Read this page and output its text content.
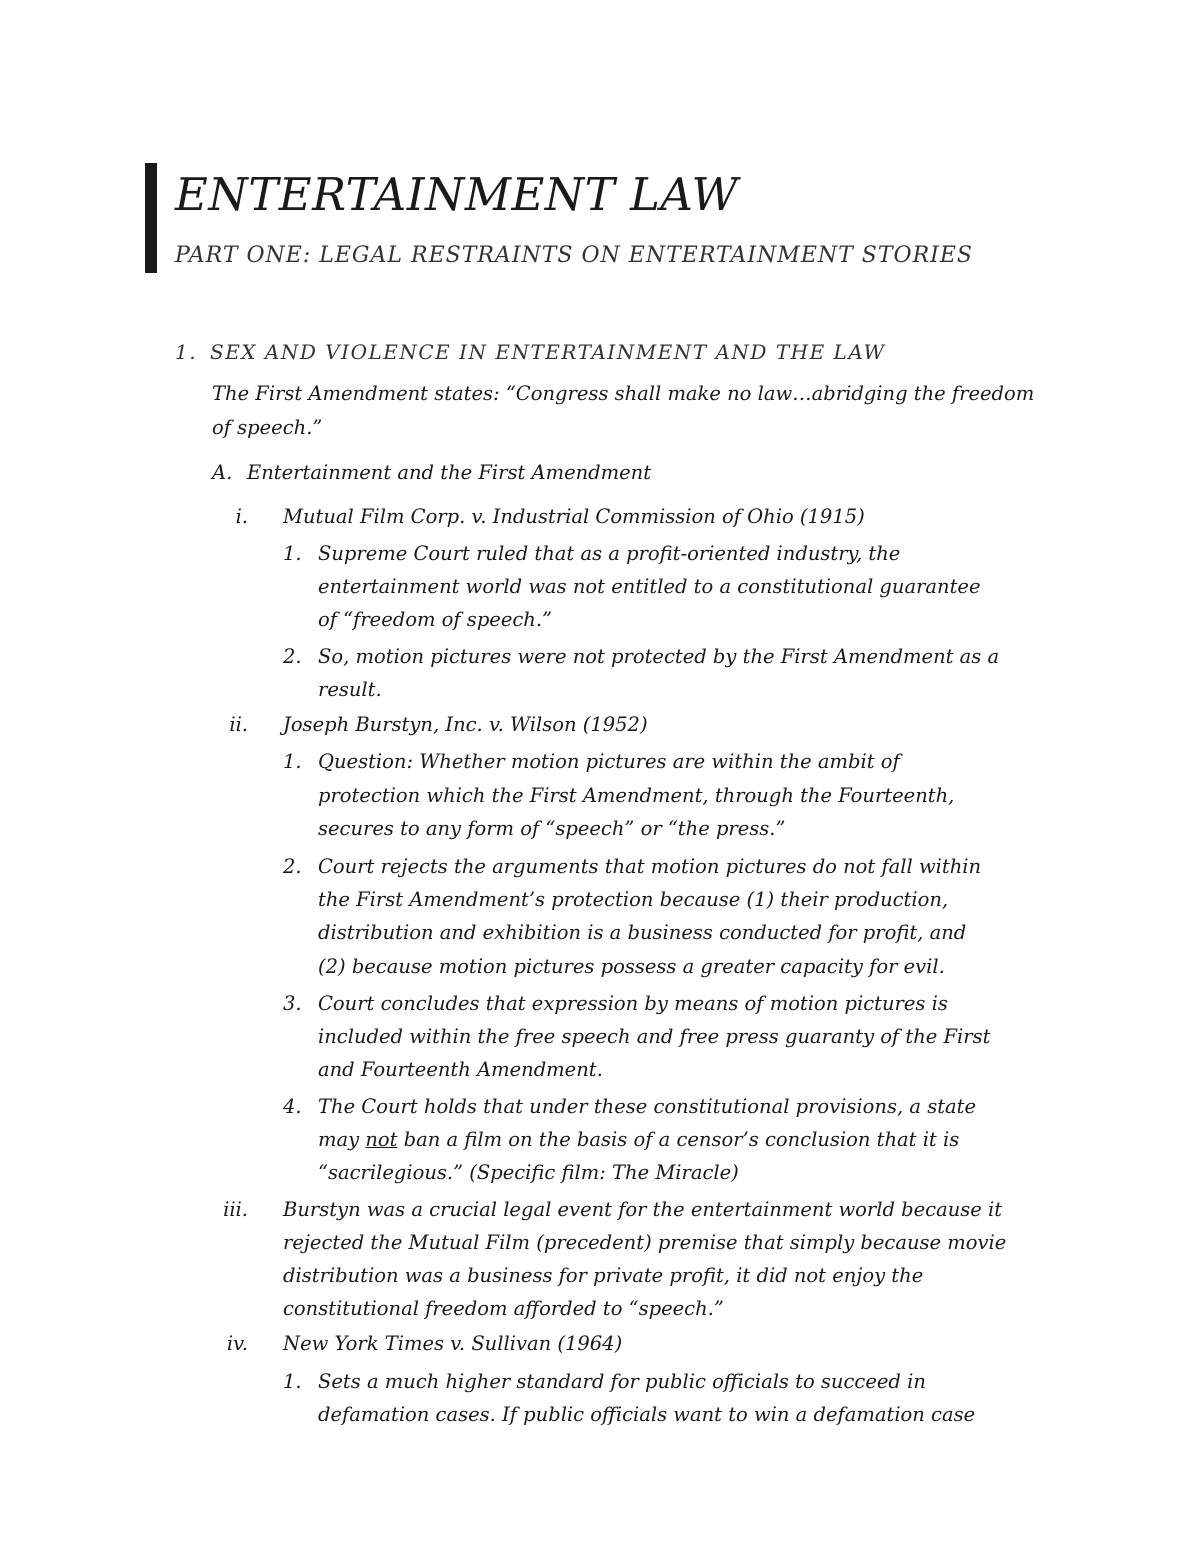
ENTERTAINMENT LAW
PART ONE: LEGAL RESTRAINTS ON ENTERTAINMENT STORIES
1. SEX AND VIOLENCE IN ENTERTAINMENT AND THE LAW
The First Amendment states: “Congress shall make no law…abridging the freedom
of speech.”
A. Entertainment and the First Amendment
i. Mutual Film Corp. v. Industrial Commission of Ohio (1915)
1. Supreme Court ruled that as a profit-oriented industry, the
entertainment world was not entitled to a constitutional guarantee
of “freedom of speech.”
2. So, motion pictures were not protected by the First Amendment as a
result.
ii. Joseph Burstyn, Inc. v. Wilson (1952)
1. Question: Whether motion pictures are within the ambit of
protection which the First Amendment, through the Fourteenth,
secures to any form of “speech” or “the press.”
2. Court rejects the arguments that motion pictures do not fall within
the First Amendment’s protection because (1) their production,
distribution and exhibition is a business conducted for profit, and
(2) because motion pictures possess a greater capacity for evil.
3. Court concludes that expression by means of motion pictures is
included within the free speech and free press guaranty of the First
and Fourteenth Amendment.
4. The Court holds that under these constitutional provisions, a state
may not ban a film on the basis of a censor’s conclusion that it is
“sacrilegious.” (Specific film: The Miracle)
iii. Burstyn was a crucial legal event for the entertainment world because it
rejected the Mutual Film (precedent) premise that simply because movie
distribution was a business for private profit, it did not enjoy the
constitutional freedom afforded to “speech.”
iv. New York Times v. Sullivan (1964)
1. Sets a much higher standard for public officials to succeed in
defamation cases. If public officials want to win a defamation case
